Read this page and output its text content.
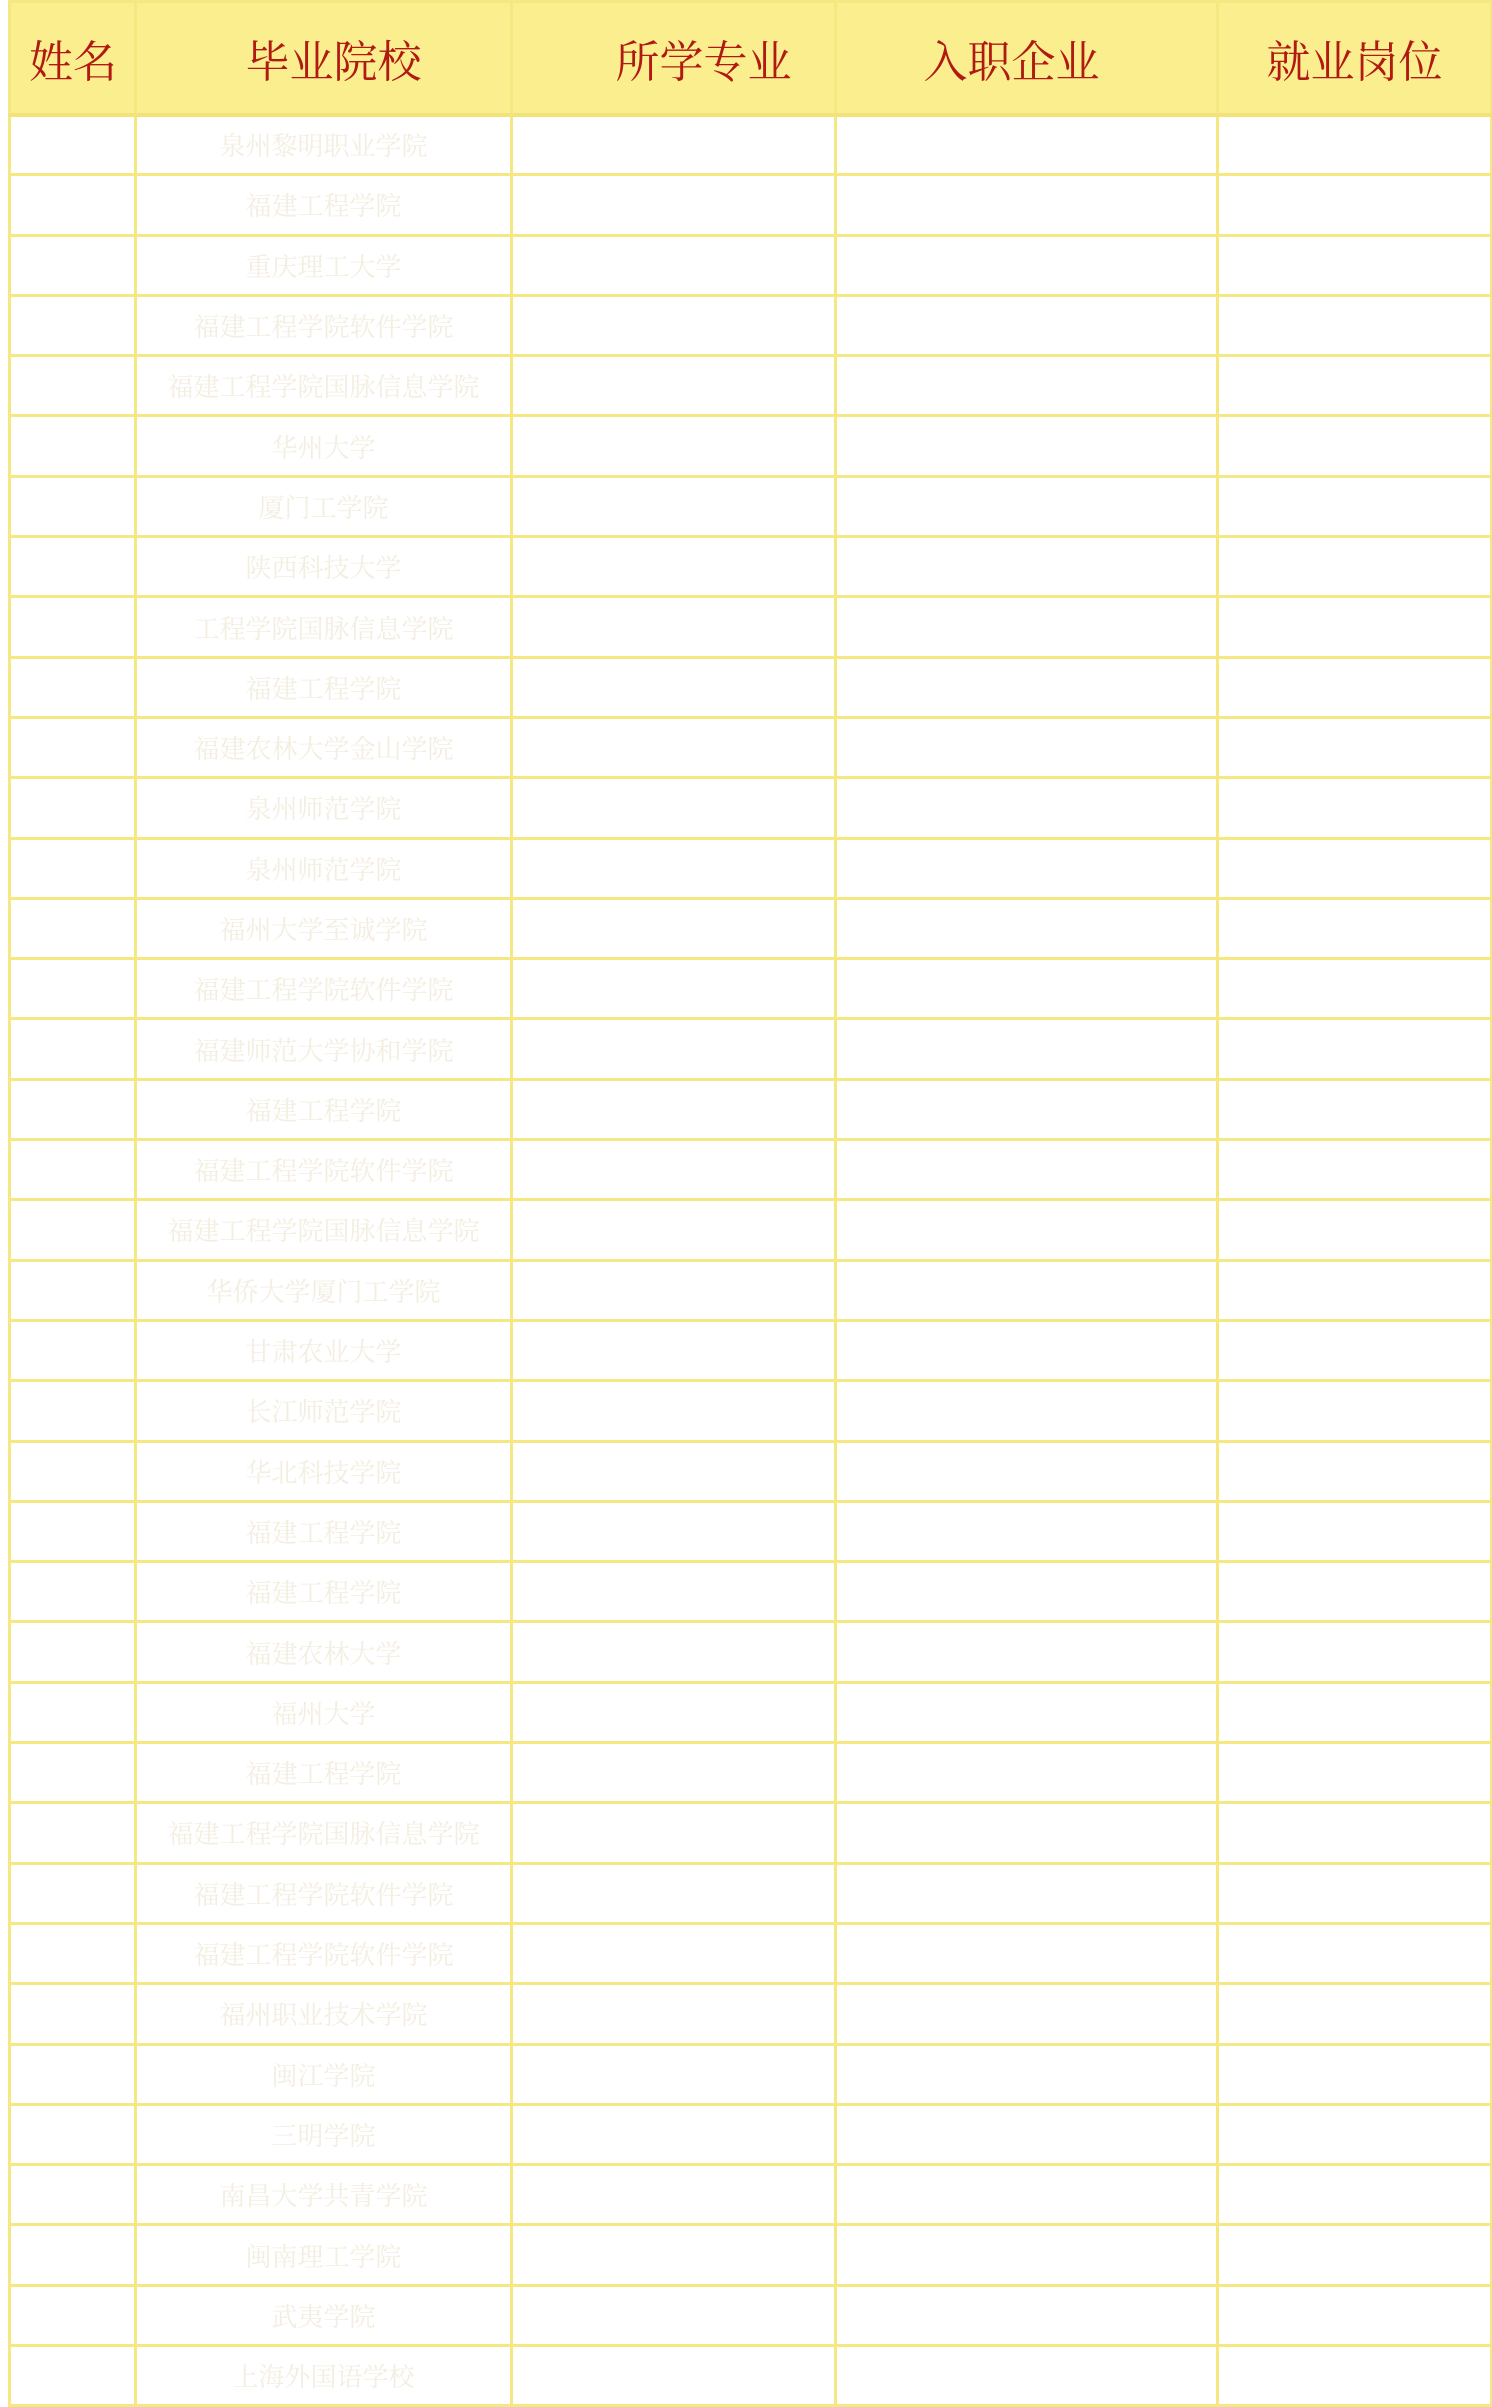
姓名	毕业院校	所学专业	入职企业	就业岗位
	泉州黎明职业学院			
	福建工程学院			
	重庆理工大学			
	福建工程学院软件学院			
	福建工程学院国脉信息学院			
	华州大学			
	厦门工学院			
	陕西科技大学			
	工程学院国脉信息学院			
	福建工程学院			
	福建农林大学金山学院			
	泉州师范学院			
	泉州师范学院			
	福州大学至诚学院			
	福建工程学院软件学院			
	福建师范大学协和学院			
	福建工程学院			
	福建工程学院软件学院			
	福建工程学院国脉信息学院			
	华侨大学厦门工学院			
	甘肃农业大学			
	长江师范学院			
	华北科技学院			
	福建工程学院			
	福建工程学院			
	福建农林大学			
	福州大学			
	福建工程学院			
	福建工程学院国脉信息学院			
	福建工程学院软件学院			
	福建工程学院软件学院			
	福州职业技术学院			
	闽江学院			
	三明学院			
	南昌大学共青学院			
	闽南理工学院			
	武夷学院			
	上海外国语学校			
